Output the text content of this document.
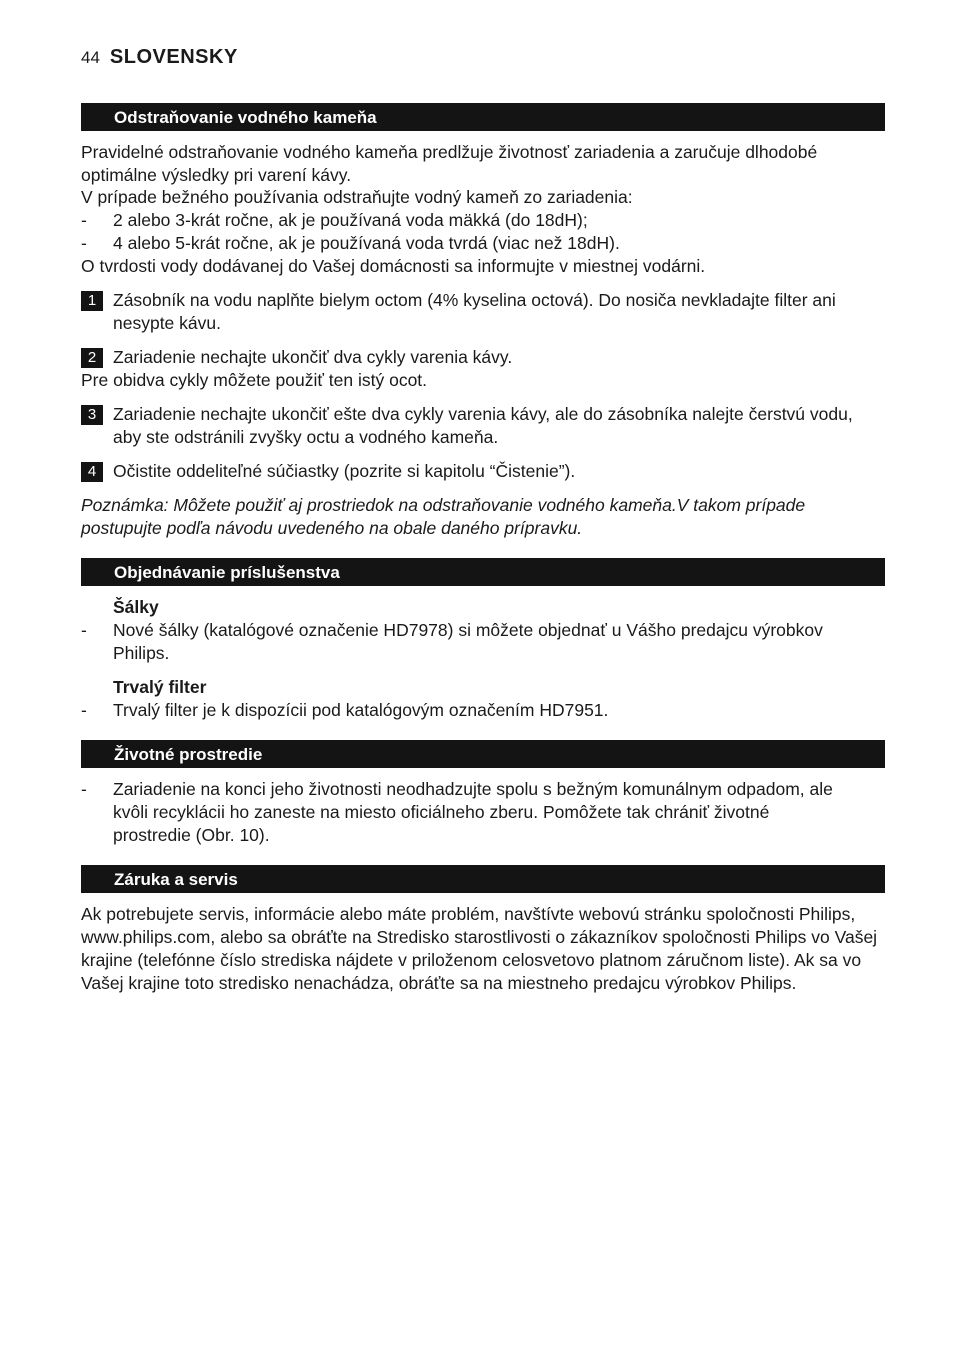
44 SLOVENSKY
Odstraňovanie vodného kameňa

Pravidelné odstraňovanie vodného kameňa predlžuje životnosť zariadenia a zaručuje dlhodobé optimálne výsledky pri varení kávy.

V prípade bežného používania odstraňujte vodný kameň zo zariadenia:

- 2 alebo 3-krát ročne, ak je používaná voda mäkká (do 18dH);
- 4 alebo 5-krát ročne, ak je používaná voda tvrdá (viac než 18dH).

O tvrdosti vody dodávanej do Vašej domácnosti sa informujte v miestnej vodárni.

1 Zásobník na vodu naplňte bielym octom (4% kyselina octová). Do nosiča nevkladajte filter ani nesypte kávu.
2 Zariadenie nechajte ukončiť dva cykly varenia kávy.

Pre obidva cykly môžete použiť ten istý ocot.

3 Zariadenie nechajte ukončiť ešte dva cykly varenia kávy, ale do zásobníka nalejte čerstvú vodu, aby ste odstránili zvyšky octu a vodného kameňa.
4 Očistite oddeliteľné súčiastky (pozrite si kapitolu “Čistenie”).

Poznámka: Môžete použiť aj prostriedok na odstraňovanie vodného kameňa.V takom prípade postupujte podľa návodu uvedeného na obale daného prípravku.

Objednávanie príslušenstva
Šálky
- Nové šálky (katalógové označenie HD7978) si môžete objednať u Vášho predajcu výrobkov Philips.
Trvalý filter
- Trvalý filter je k dispozícii pod katalógovým označením HD7951.
Životné prostredie
- Zariadenie na konci jeho životnosti neodhadzujte spolu s bežným komunálnym odpadom, ale kvôli recyklácii ho zaneste na miesto oficiálneho zberu. Pomôžete tak chrániť životné prostredie (Obr. 10).
Záruka a servis

Ak potrebujete servis, informácie alebo máte problém, navštívte webovú stránku spoločnosti Philips, www.philips.com, alebo sa obráťte na Stredisko starostlivosti o zákazníkov spoločnosti Philips vo Vašej krajine (telefónne číslo strediska nájdete v priloženom celosvetovo platnom záručnom liste). Ak sa vo Vašej krajine toto stredisko nenachádza, obráťte sa na miestneho predajcu výrobkov Philips.
